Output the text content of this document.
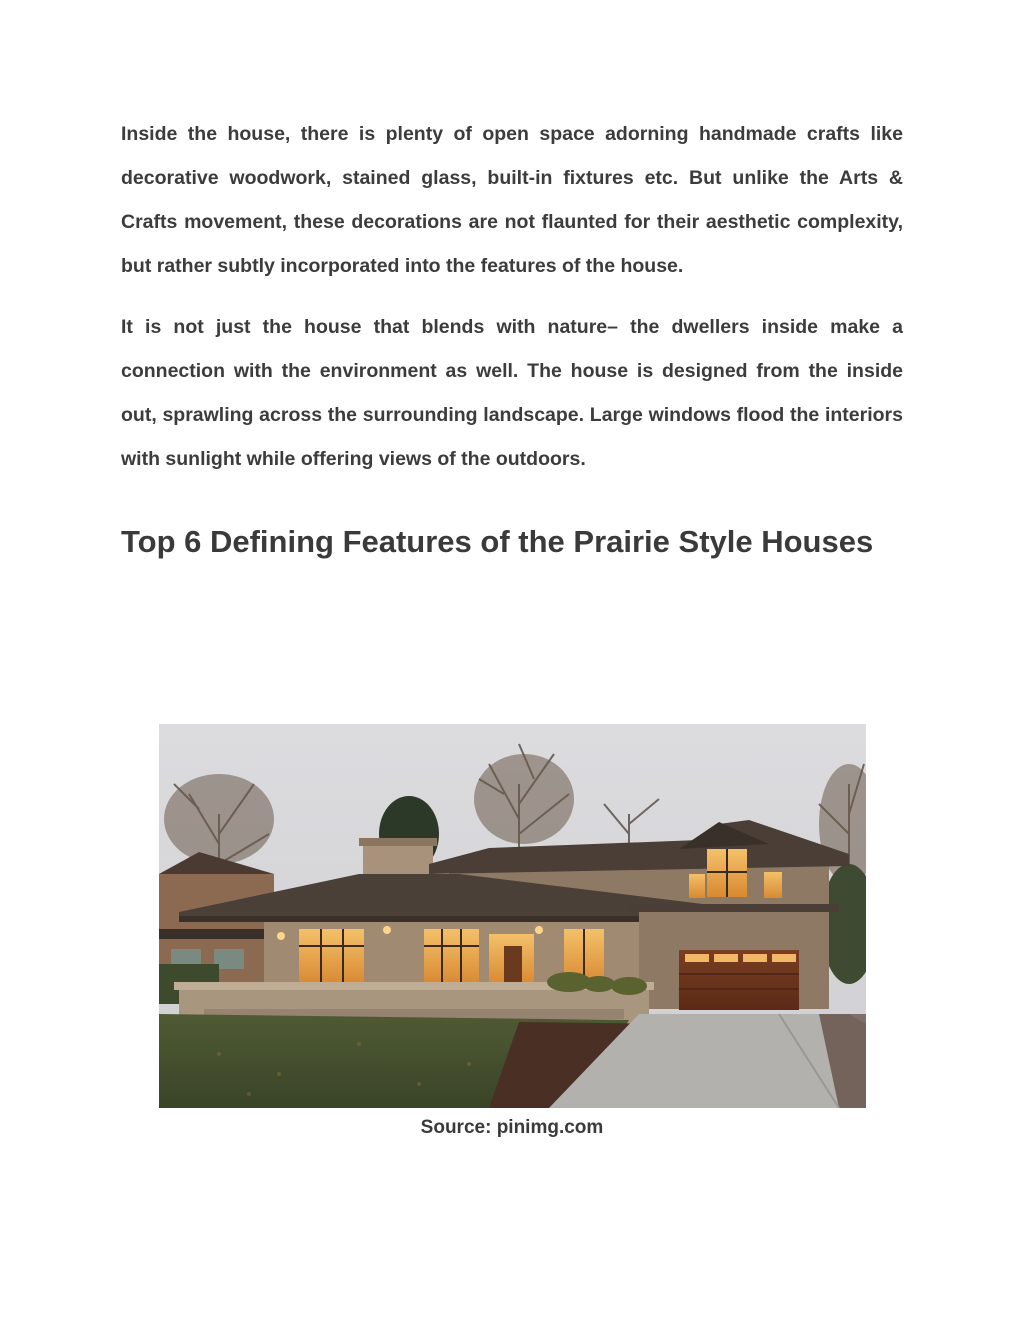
Inside the house, there is plenty of open space adorning handmade crafts like decorative woodwork, stained glass, built-in fixtures etc. But unlike the Arts & Crafts movement, these decorations are not flaunted for their aesthetic complexity, but rather subtly incorporated into the features of the house.

It is not just the house that blends with nature– the dwellers inside make a connection with the environment as well. The house is designed from the inside out, sprawling across the surrounding landscape. Large windows flood the interiors with sunlight while offering views of the outdoors.

Top 6 Defining Features of the Prairie Style Houses
Source: pinimg.com
